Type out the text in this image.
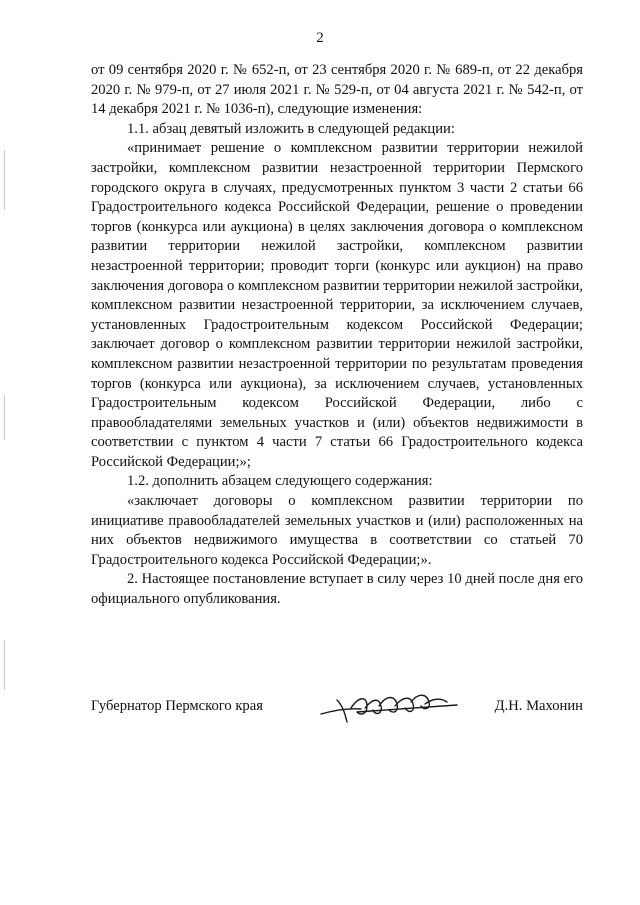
2

от 09 сентября 2020 г. № 652-п, от 23 сентября 2020 г. № 689-п, от 22 декабря 2020 г. № 979-п, от 27 июля 2021 г. № 529-п, от 04 августа 2021 г. № 542-п, от 14 декабря 2021 г. № 1036-п), следующие изменения:

1.1. абзац девятый изложить в следующей редакции:

«принимает решение о комплексном развитии территории нежилой застройки, комплексном развитии незастроенной территории Пермского городского округа в случаях, предусмотренных пунктом 3 части 2 статьи 66 Градостроительного кодекса Российской Федерации, решение о проведении торгов (конкурса или аукциона) в целях заключения договора о комплексном развитии территории нежилой застройки, комплексном развитии незастроенной территории; проводит торги (конкурс или аукцион) на право заключения договора о комплексном развитии территории нежилой застройки, комплексном развитии незастроенной территории, за исключением случаев, установленных Градостроительным кодексом Российской Федерации; заключает договор о комплексном развитии территории нежилой застройки, комплексном развитии незастроенной территории по результатам проведения торгов (конкурса или аукциона), за исключением случаев, установленных Градостроительным кодексом Российской Федерации, либо с правообладателями земельных участков и (или) объектов недвижимости в соответствии с пунктом 4 части 7 статьи 66 Градостроительного кодекса Российской Федерации;»;

1.2. дополнить абзацем следующего содержания:

«заключает договоры о комплексном развитии территории по инициативе правообладателей земельных участков и (или) расположенных на них объектов недвижимого имущества в соответствии со статьей 70 Градостроительного кодекса Российской Федерации;».

2. Настоящее постановление вступает в силу через 10 дней после дня его официального опубликования.

Губернатор Пермского края	Д.Н. Махонин
